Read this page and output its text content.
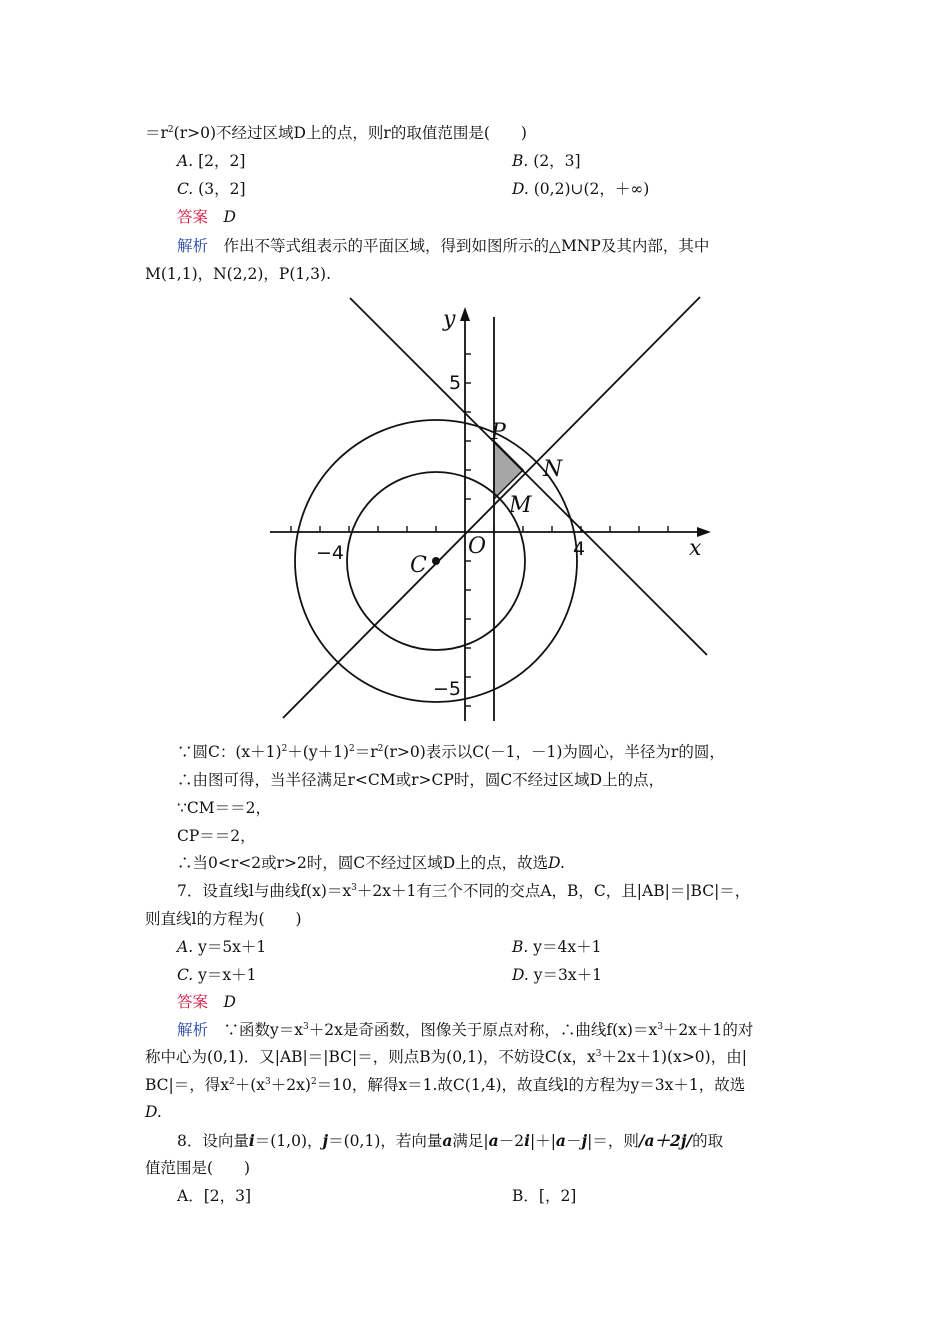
$=r^2(r>0)$不经过区域D上的点，则r的取值范围是(　　)
A. [2，2]	B. (2，3]
C. (3，2]	D. (0,2)∪(2，＋∞)
答案　 D
解析　 作出不等式组表示的平面区域，得到如图所示的△MNP及其内部，其中
M(1,1)，N(2,2)，P(1,3).
y
x
O
5
−5
4
−4
P
N
M
C
∵圆C：$(x+1)^2+(y+1)^2=r^2(r>0)$表示以C(－1，－1)为圆心，半径为r的圆，
∴由图可得，当半径满足r<CM或r>CP时，圆C不经过区域D上的点，
∵CM＝＝2，
CP＝＝2，
∴当0<r<2或r>2时，圆C不经过区域D上的点，故选D.
7．设直线l与曲线$f(x)=x^3+2x+1$有三个不同的交点A，B，C，且|AB|＝|BC|＝，
则直线l的方程为(　　)
A. y＝5x＋1	B. y＝4x＋1
C. y＝x＋1	D. y＝3x＋1
答案　 D
解析　 ∵函数$y=x^3+2x$是奇函数，图像关于原点对称，∴曲线$f(x)=x^3+2x+1$的对
称中心为(0,1)．又|AB|＝|BC|＝，则点B为(0,1)，不妨设C(x，$x^3+2x+1)(x>0)$，由|
BC|＝，得$x^2+(x^3+2x)^2=10$，解得x＝1.故C(1,4)，故直线l的方程为y＝3x＋1，故选
D.
8．设向量i＝(1,0)，j＝(0,1)，若向量a满足|a－2i|＋|a－j|＝，则/a＋2j/的取
值范围是(　　)
A．[2，3]	B．[，2]
